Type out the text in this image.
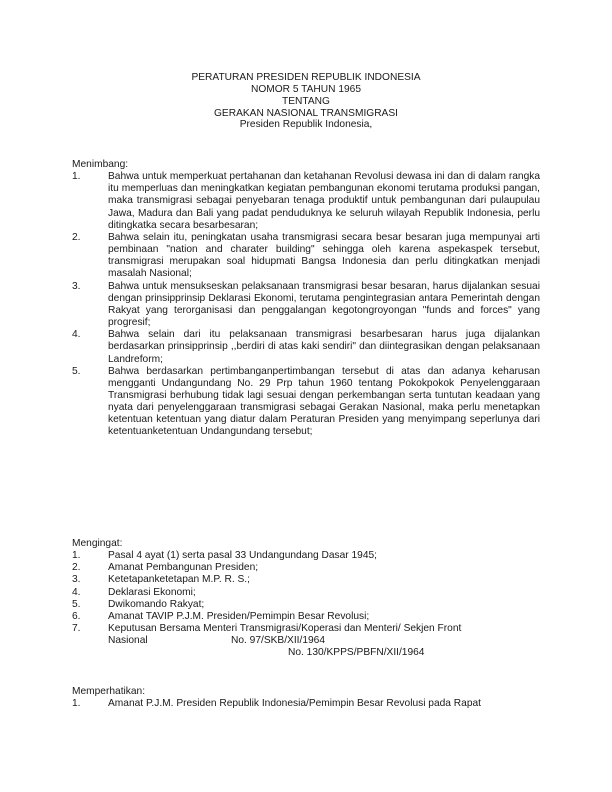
PERATURAN PRESIDEN REPUBLIK INDONESIA
NOMOR 5 TAHUN 1965
TENTANG
GERAKAN NASIONAL TRANSMIGRASI
Presiden Republik Indonesia,
Menimbang:
1.	Bahwa untuk memperkuat pertahanan dan ketahanan Revolusi dewasa ini dan di dalam rangka itu memperluas dan meningkatkan kegiatan pembangunan ekonomi terutama produksi pangan, maka transmigrasi sebagai penyebaran tenaga produktif untuk pembangunan dari pulaupulau Jawa, Madura dan Bali yang padat penduduknya ke seluruh wilayah Republik Indonesia, perlu ditingkatka secara besarbesaran;
2.	Bahwa selain itu, peningkatan usaha transmigrasi secara besar besaran juga mempunyai arti pembinaan "nation and charater building" sehingga oleh karena aspekaspek tersebut, transmigrasi merupakan soal hidupmati Bangsa Indonesia dan perlu ditingkatkan menjadi masalah Nasional;
3.	Bahwa untuk mensukseskan pelaksanaan transmigrasi besar besaran, harus dijalankan sesuai dengan prinsipprinsip Deklarasi Ekonomi, terutama pengintegrasian antara Pemerintah dengan Rakyat yang terorganisasi dan penggalangan kegotongroyongan "funds and forces" yang progresif;
4.	Bahwa selain dari itu pelaksanaan transmigrasi besarbesaran harus juga dijalankan berdasarkan prinsipprinsip ,,berdiri di atas kaki sendiri" dan diintegrasikan dengan pelaksanaan Landreform;
5.	Bahwa berdasarkan pertimbanganpertimbangan tersebut di atas dan adanya keharusan mengganti Undangundang No. 29 Prp tahun 1960 tentang Pokokpokok Penyelenggaraan Transmigrasi berhubung tidak lagi sesuai dengan perkembangan serta tuntutan keadaan yang nyata dari penyelenggaraan transmigrasi sebagai Gerakan Nasional, maka perlu menetapkan ketentuan ketentuan yang diatur dalam Peraturan Presiden yang menyimpang seperlunya dari ketentuanketentuan Undangundang tersebut;
Mengingat:
1.	Pasal 4 ayat (1) serta pasal 33 Undangundang Dasar 1945;
2.	Amanat Pembangunan Presiden;
3.	Ketetapanketetapan M.P. R. S.;
4.	Deklarasi Ekonomi;
5.	Dwikomando Rakyat;
6.	Amanat TAVIP P.J.M. Presiden/Pemimpin Besar Revolusi;
7.	Keputusan Bersama Menteri Transmigrasi/Koperasi dan Menteri/ Sekjen Front
Nasional	No. 97/SKB/XII/1964
No. 130/KPPS/PBFN/XII/1964
Memperhatikan:
1.	Amanat P.J.M. Presiden Republik Indonesia/Pemimpin Besar Revolusi pada Rapat
